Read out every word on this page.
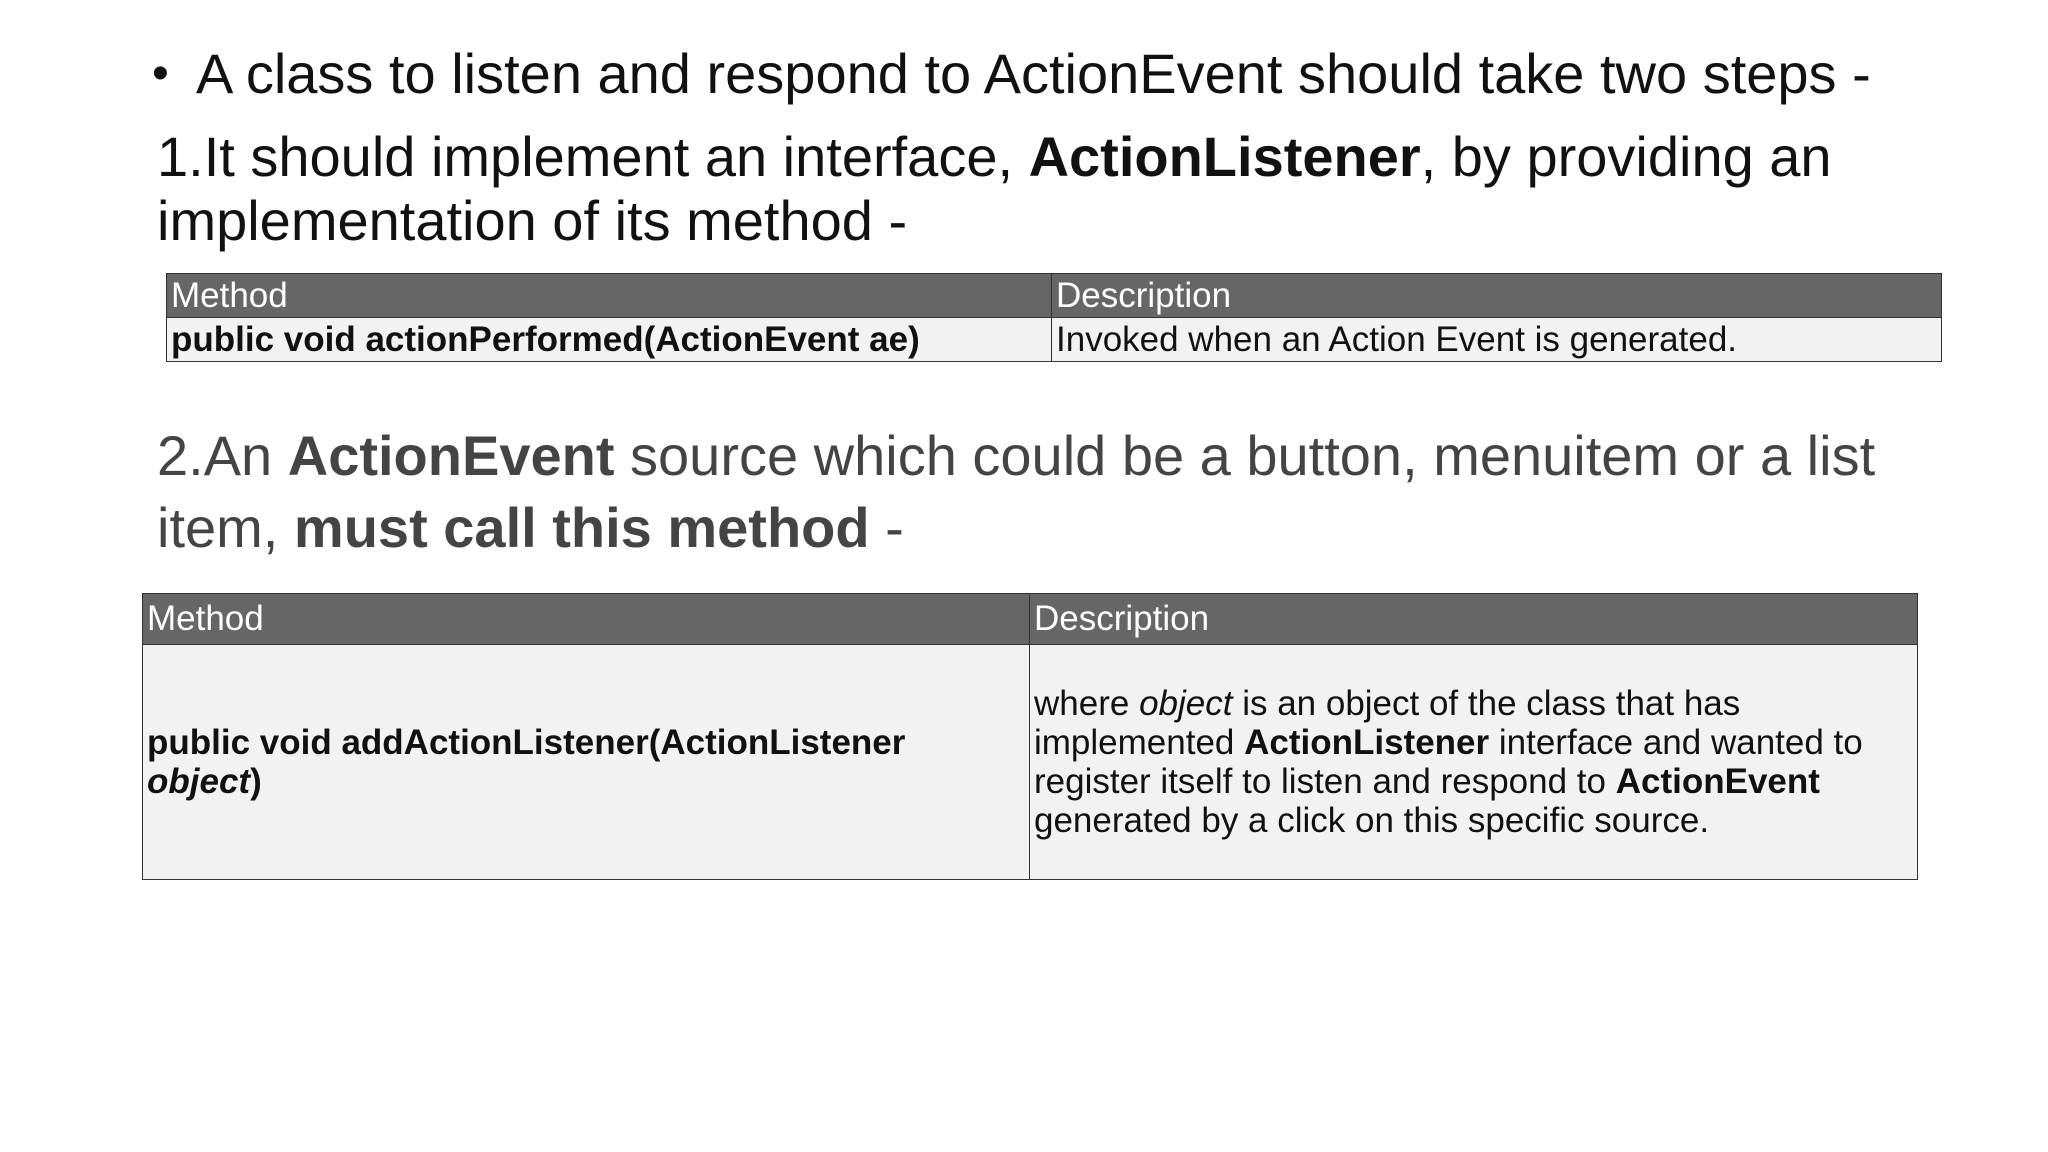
• A class to listen and respond to ActionEvent should take two steps -
1.It should implement an interface, ActionListener, by providing an implementation of its method -
Method	Description
public void actionPerformed(ActionEvent ae)	Invoked when an Action Event is generated.
2.An ActionEvent source which could be a button, menuitem or a list item, must call this method -
Method	Description
public void addActionListener(ActionListener object)	where object is an object of the class that has implemented ActionListener interface and wanted to register itself to listen and respond to ActionEvent generated by a click on this specific source.
